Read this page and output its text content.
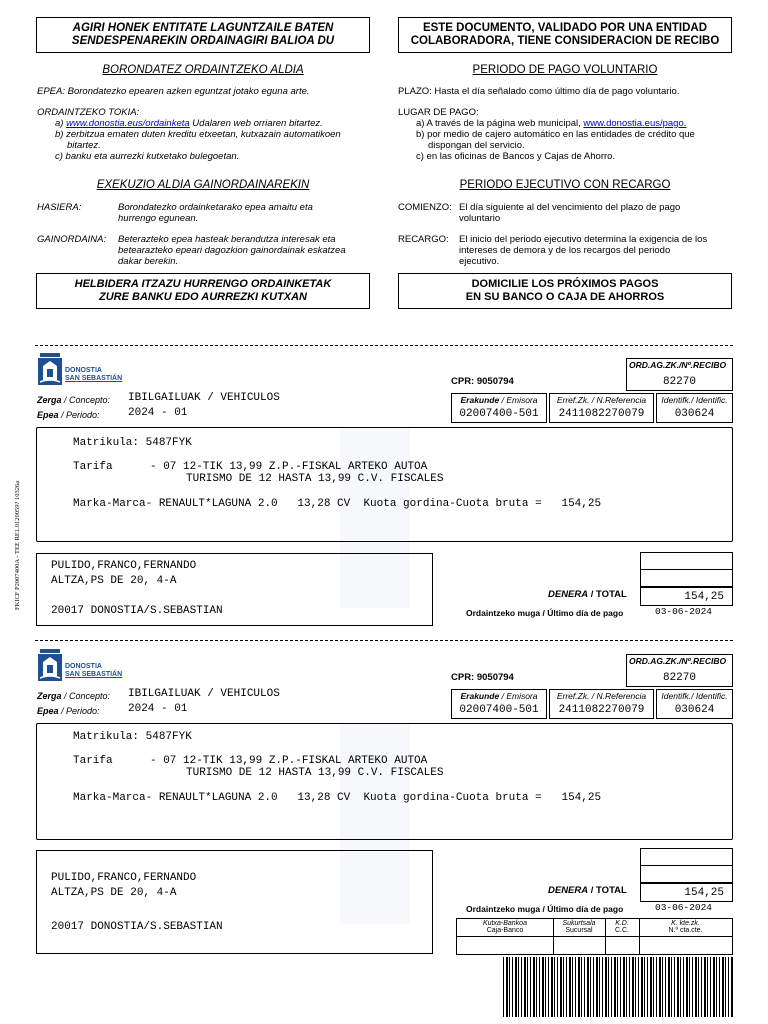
AGIRI HONEK ENTITATE LAGUNTZAILE BATEN
SENDESPENAREKIN ORDAINAGIRI BALIOA DU
ESTE DOCUMENTO, VALIDADO POR UNA ENTIDAD
COLABORADORA, TIENE CONSIDERACION DE RECIBO
BORONDATEZ ORDAINTZEKO ALDIA	PERIODO DE PAGO VOLUNTARIO
EPEA: Borondatezko epearen azken eguntzat jotako eguna arte.	PLAZO: Hasta el día señalado como último día de pago voluntario.
ORDAINTZEKO TOKIA:
a) www.donostia.eus/ordainketa Udalaren web orriaren bitartez.
b) zerbitzua ematen duten kreditu etxeetan, kutxazain automatikoen
bitartez.
c) banku eta aurrezki kutxetako bulegoetan.
LUGAR DE PAGO:
a) A través de la página web municipal, www.donostia.eus/pago.
b) por medio de cajero automático en las entidades de crédito que
dispongan del servicio.
c) en las oficinas de Bancos y Cajas de Ahorro.
EXEKUZIO ALDIA GAINORDAINAREKIN	PERIODO EJECUTIVO CON RECARGO
HASIERA:	Borondatezko ordainketarako epea amaitu eta
hurrengo egunean.
COMIENZO: El día siguiente al del vencimiento del plazo de pago
voluntario
GAINORDAINA: Beterazteko epea hasteak berandutza interesak eta
betearazteko epeari dagozkion gainordainak eskatzea
dakar berekin.
RECARGO: El inicio del periodo ejecutivo determina la exigencia de los
intereses de demora y de los recargos del periodo
ejecutivo.
HELBIDERA ITZAZU HURRENGO ORDAINKETAK
ZURE BANKU EDO AURREZKI KUTXAN
DOMICILIE LOS PRÓXIMOS PAGOS
EN SU BANCO O CAJA DE AHORROS
FKICF P2007400A - TEE RE1.0120059? 10326a
DONOSTIA
SAN SEBASTIÁN
Zerga / Concepto: IBILGAILUAK / VEHICULOS
Epea / Periodo:	2024 - 01
CPR: 9050794
ORD.AG.ZK./Nº.RECIBO
82270
Erakunde / Emisora
02007400-501
Erref.Zk. / N.Referencia
2411082270079
Identifk./ Identific.
030624
Matrikula: 5487FYK
Tarifa	- 07 12-TIK 13,99 Z.P.-FISKAL ARTEKO AUTOA
TURISMO DE 12 HASTA 13,99 C.V. FISCALES
Marka-Marca- RENAULT*LAGUNA 2.0   13,28 CV  Kuota gordina-Cuota bruta =   154,25
PULIDO,FRANCO,FERNANDO
ALTZA,PS DE 20, 4-A
20017 DONOSTIA/S.SEBASTIAN
DENERA / TOTAL	154,25
Ordaintzeko muga / Último día de pago	03-06-2024
DONOSTIA
SAN SEBASTIÁN
Zerga / Concepto: IBILGAILUAK / VEHICULOS
Epea / Periodo:	2024 - 01
CPR: 9050794
ORD.AG.ZK./Nº.RECIBO
82270
Erakunde / Emisora
02007400-501
Erref.Zk. / N.Referencia
2411082270079
Identifk./ Identific.
030624
Matrikula: 5487FYK
Tarifa	- 07 12-TIK 13,99 Z.P.-FISKAL ARTEKO AUTOA
TURISMO DE 12 HASTA 13,99 C.V. FISCALES
Marka-Marca- RENAULT*LAGUNA 2.0   13,28 CV  Kuota gordina-Cuota bruta =   154,25
PULIDO,FRANCO,FERNANDO
ALTZA,PS DE 20, 4-A
20017 DONOSTIA/S.SEBASTIAN
DENERA / TOTAL	154,25
Ordaintzeko muga / Último día de pago	03-06-2024
Kutxa-Bankoa
Caja-Banco
Sukurtsala
Sucursal
K.D.
C.C.
K. kte.zk.
N.º cta.cte.
